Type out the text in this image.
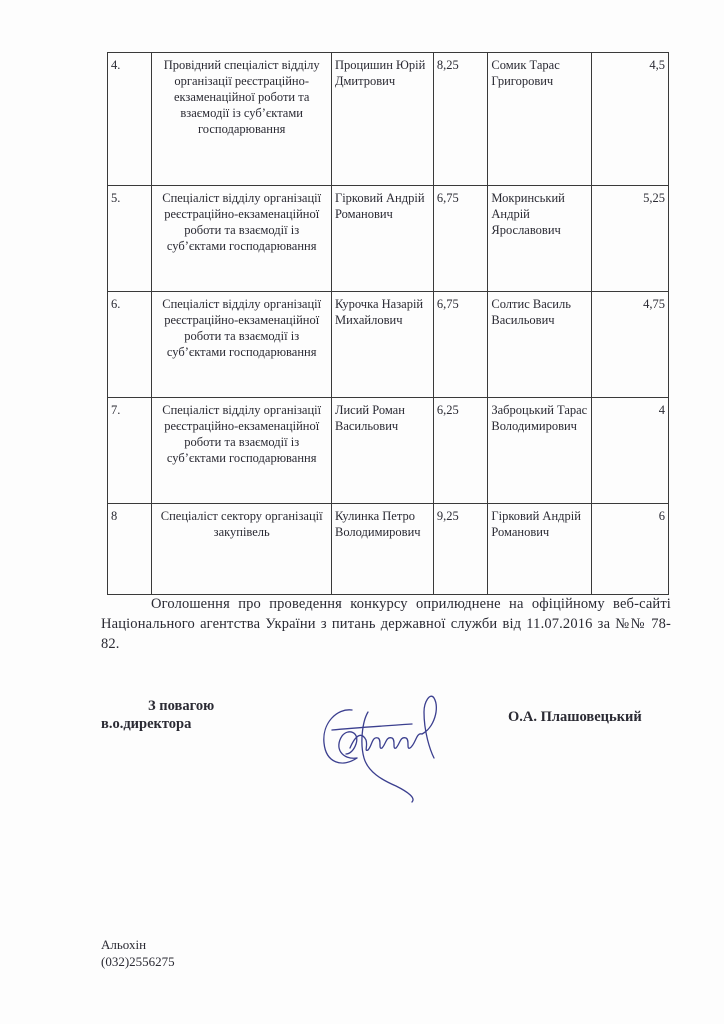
4.	Провідний спеціаліст відділу організації реєстраційно-екзаменаційної роботи та взаємодії із суб’єктами господарювання	Процишин Юрій Дмитрович	8,25	Сомик Тарас Григорович	4,5
5.	Спеціаліст відділу організації реєстраційно-екзаменаційної роботи та взаємодії із суб’єктами господарювання	Гірковий Андрій Романович	6,75	Мокринський Андрій Ярославович	5,25
6.	Спеціаліст відділу організації реєстраційно-екзаменаційної роботи та взаємодії із суб’єктами господарювання	Курочка Назарій Михайлович	6,75	Солтис Василь Васильович	4,75
7.	Спеціаліст відділу організації реєстраційно-екзаменаційної роботи та взаємодії із суб’єктами господарювання	Лисий Роман Васильович	6,25	Заброцький Тарас Володимирович	4
8	Спеціаліст сектору організації закупівель	Кулинка Петро Володимирович	9,25	Гірковий Андрій Романович	6

Оголошення про проведення конкурсу оприлюднене на офіційному веб-сайті Національного агентства України з питань державної служби від 11.07.2016 за №№ 78-82.

З повагою
в.о.директора	О.А. Плашовецький
Альохін
(032)2556275
